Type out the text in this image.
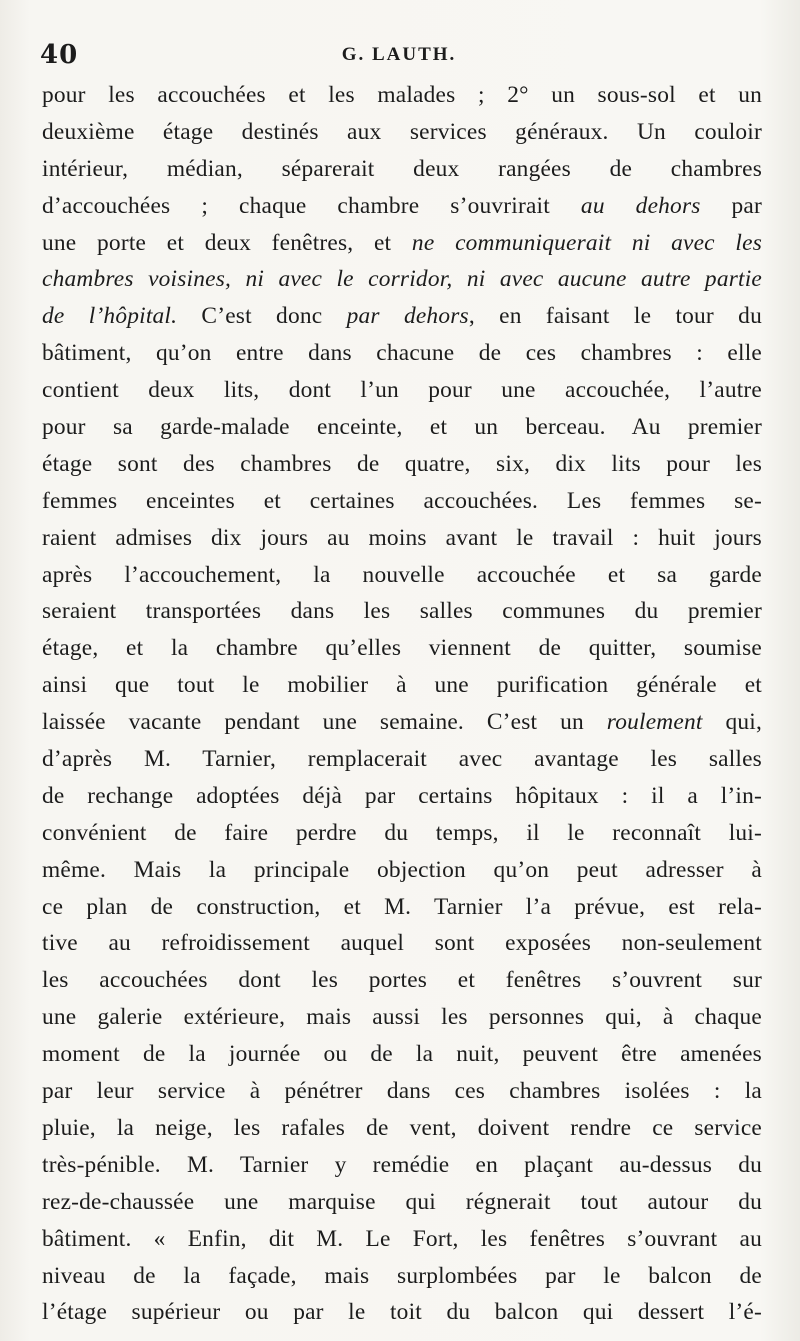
40	G. LAUTH.
pour les accouchées et les malades ; 2° un sous-sol et un
deuxième étage destinés aux services généraux. Un couloir
intérieur, médian, séparerait deux rangées de chambres
d’accouchées ; chaque chambre s’ouvrirait au dehors par
une porte et deux fenêtres, et ne communiquerait ni avec les
chambres voisines, ni avec le corridor, ni avec aucune autre partie
de l’hôpital. C’est donc par dehors, en faisant le tour du
bâtiment, qu’on entre dans chacune de ces chambres : elle
contient deux lits, dont l’un pour une accouchée, l’autre
pour sa garde-malade enceinte, et un berceau. Au premier
étage sont des chambres de quatre, six, dix lits pour les
femmes enceintes et certaines accouchées. Les femmes se-
raient admises dix jours au moins avant le travail : huit jours
après l’accouchement, la nouvelle accouchée et sa garde
seraient transportées dans les salles communes du premier
étage, et la chambre qu’elles viennent de quitter, soumise
ainsi que tout le mobilier à une purification générale et
laissée vacante pendant une semaine. C’est un roulement qui,
d’après M. Tarnier, remplacerait avec avantage les salles
de rechange adoptées déjà par certains hôpitaux : il a l’in-
convénient de faire perdre du temps, il le reconnaît lui-
même. Mais la principale objection qu’on peut adresser à
ce plan de construction, et M. Tarnier l’a prévue, est rela-
tive au refroidissement auquel sont exposées non-seulement
les accouchées dont les portes et fenêtres s’ouvrent sur
une galerie extérieure, mais aussi les personnes qui, à chaque
moment de la journée ou de la nuit, peuvent être amenées
par leur service à pénétrer dans ces chambres isolées : la
pluie, la neige, les rafales de vent, doivent rendre ce service
très-pénible. M. Tarnier y remédie en plaçant au-dessus du
rez-de-chaussée une marquise qui régnerait tout autour du
bâtiment. « Enfin, dit M. Le Fort, les fenêtres s’ouvrant au
niveau de la façade, mais surplombées par le balcon de
l’étage supérieur ou par le toit du balcon qui dessert l’é-
